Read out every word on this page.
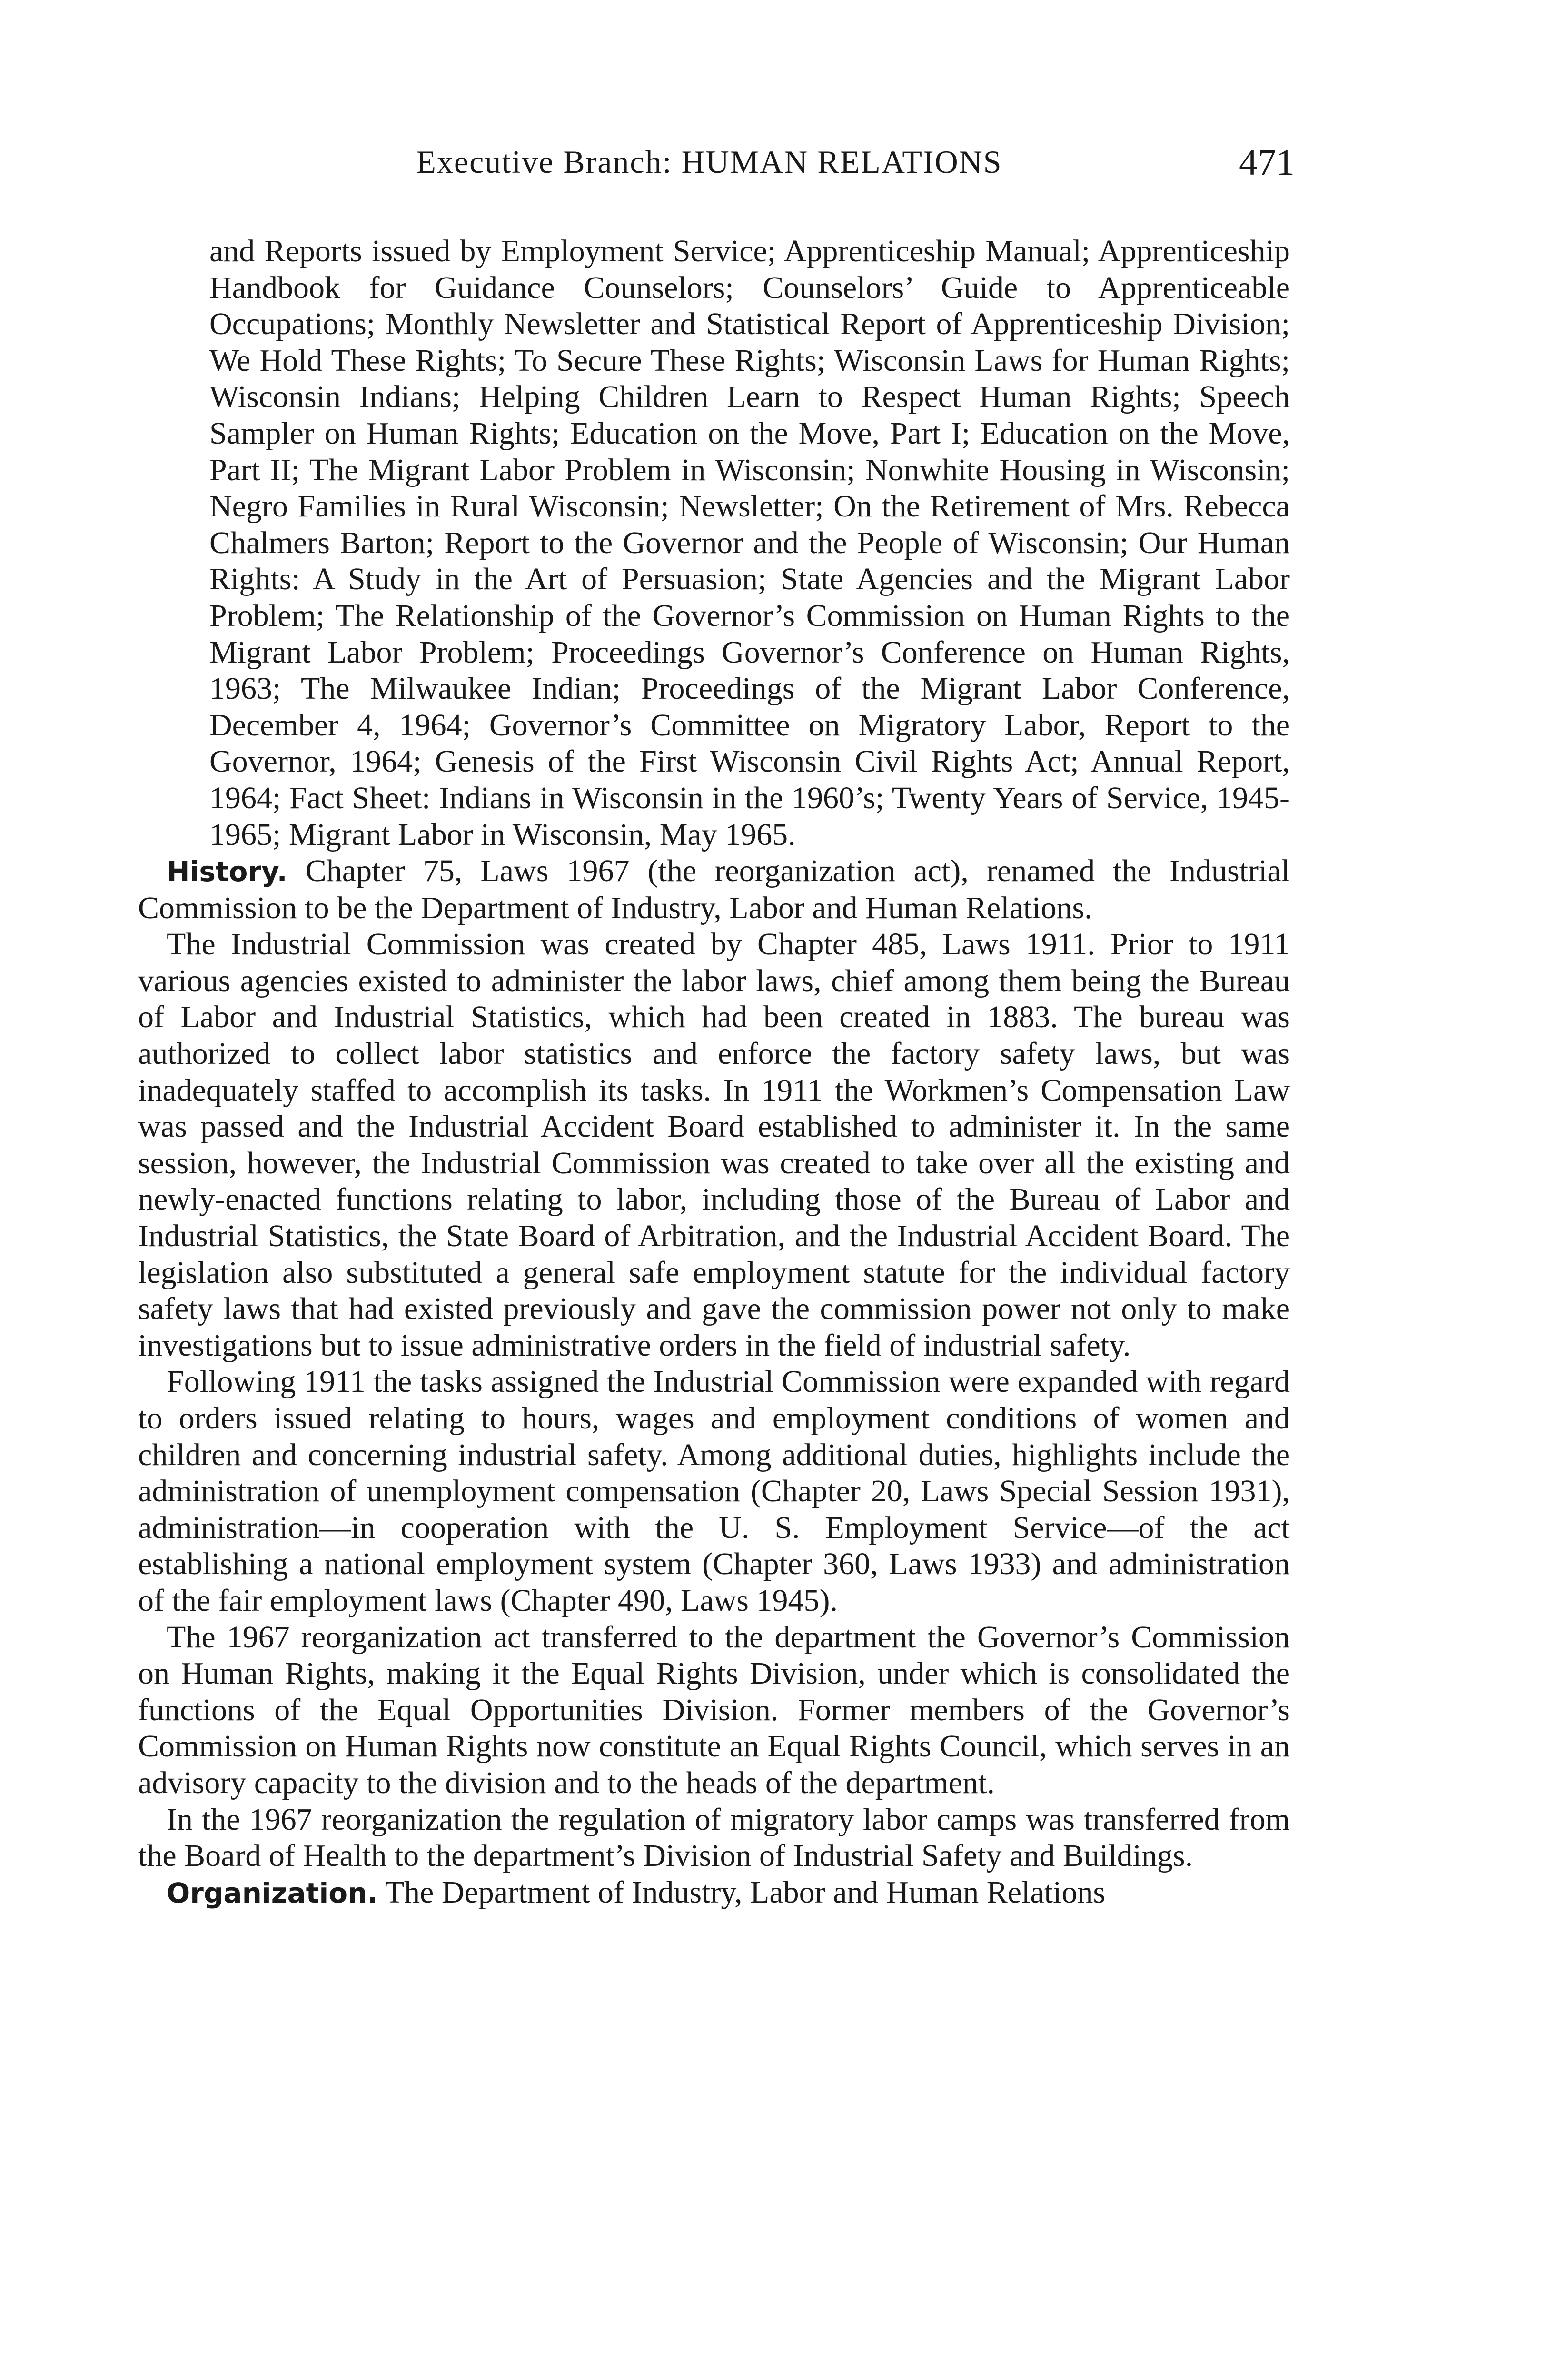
Executive Branch: HUMAN RELATIONS	471

and Reports issued by Employment Service; Apprenticeship Manual; Apprenticeship Handbook for Guidance Counselors; Counselors’ Guide to Apprenticeable Occupations; Monthly Newsletter and Statistical Report of Apprenticeship Division; We Hold These Rights; To Secure These Rights; Wisconsin Laws for Human Rights; Wisconsin Indians; Helping Children Learn to Respect Human Rights; Speech Sampler on Human Rights; Education on the Move, Part I; Education on the Move, Part II; The Migrant Labor Problem in Wisconsin; Nonwhite Housing in Wisconsin; Negro Families in Rural Wisconsin; Newsletter; On the Retirement of Mrs. Rebecca Chalmers Barton; Report to the Governor and the People of Wisconsin; Our Human Rights: A Study in the Art of Persuasion; State Agencies and the Migrant Labor Problem; The Relationship of the Governor’s Commission on Human Rights to the Migrant Labor Problem; Proceedings Governor’s Conference on Human Rights, 1963; The Milwaukee Indian; Proceedings of the Migrant Labor Conference, December 4, 1964; Governor’s Committee on Migratory Labor, Report to the Governor, 1964; Genesis of the First Wisconsin Civil Rights Act; Annual Report, 1964; Fact Sheet: Indians in Wisconsin in the 1960’s; Twenty Years of Service, 1945-1965; Migrant Labor in Wisconsin, May 1965.

History. Chapter 75, Laws 1967 (the reorganization act), renamed the Industrial Commission to be the Department of Industry, Labor and Human Relations.

The Industrial Commission was created by Chapter 485, Laws 1911. Prior to 1911 various agencies existed to administer the labor laws, chief among them being the Bureau of Labor and Industrial Statistics, which had been created in 1883. The bureau was authorized to collect labor statistics and enforce the factory safety laws, but was inadequately staffed to accomplish its tasks. In 1911 the Workmen’s Compensation Law was passed and the Industrial Accident Board established to administer it. In the same session, however, the Industrial Commission was created to take over all the existing and newly-enacted functions relating to labor, including those of the Bureau of Labor and Industrial Statistics, the State Board of Arbitration, and the Industrial Accident Board. The legislation also substituted a general safe employment statute for the individual factory safety laws that had existed previously and gave the commission power not only to make investigations but to issue administrative orders in the field of industrial safety.

Following 1911 the tasks assigned the Industrial Commission were expanded with regard to orders issued relating to hours, wages and employment conditions of women and children and concerning industrial safety. Among additional duties, highlights include the administration of unemployment compensation (Chapter 20, Laws Special Session 1931), administration—in cooperation with the U. S. Employment Service—of the act establishing a national employment system (Chapter 360, Laws 1933) and administration of the fair employment laws (Chapter 490, Laws 1945).

The 1967 reorganization act transferred to the department the Governor’s Commission on Human Rights, making it the Equal Rights Division, under which is consolidated the functions of the Equal Opportunities Division. Former members of the Governor’s Commission on Human Rights now constitute an Equal Rights Council, which serves in an advisory capacity to the division and to the heads of the department.

In the 1967 reorganization the regulation of migratory labor camps was transferred from the Board of Health to the department’s Division of Industrial Safety and Buildings.

Organization. The Department of Industry, Labor and Human Relations
